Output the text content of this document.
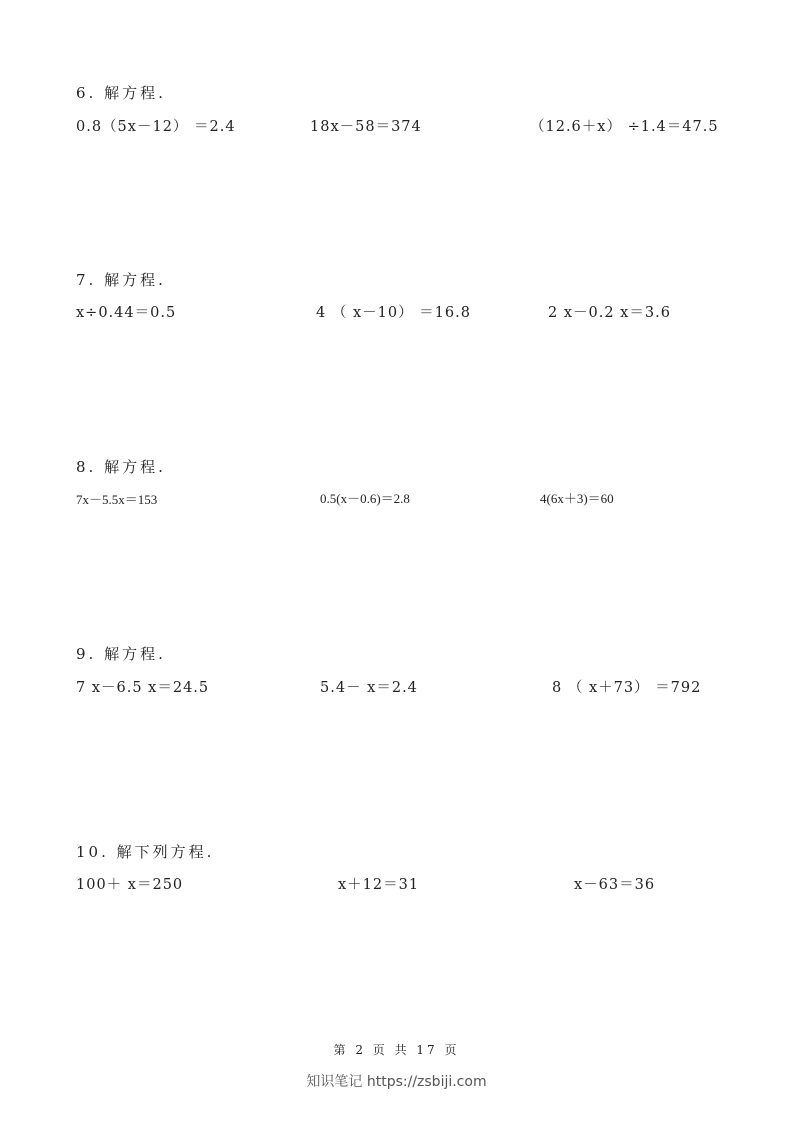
6. 解方程.
0.8（5x－12） ＝2.4	18x－58＝374	（12.6＋x） ÷1.4＝47.5
7. 解方程.
x÷0.44＝0.5	4 （ x－10） ＝16.8	2 x－0.2 x＝3.6
8. 解方程.
7x－5.5x＝153	0.5(x－0.6)＝2.8	4(6x＋3)＝60
9. 解方程.
7 x－6.5 x＝24.5	5.4－ x＝2.4	8 （ x＋73） ＝792
10. 解下列方程.
100＋ x＝250	x＋12＝31	x－63＝36
第 2 页 共 17 页
知识笔记 https://zsbiji.com
